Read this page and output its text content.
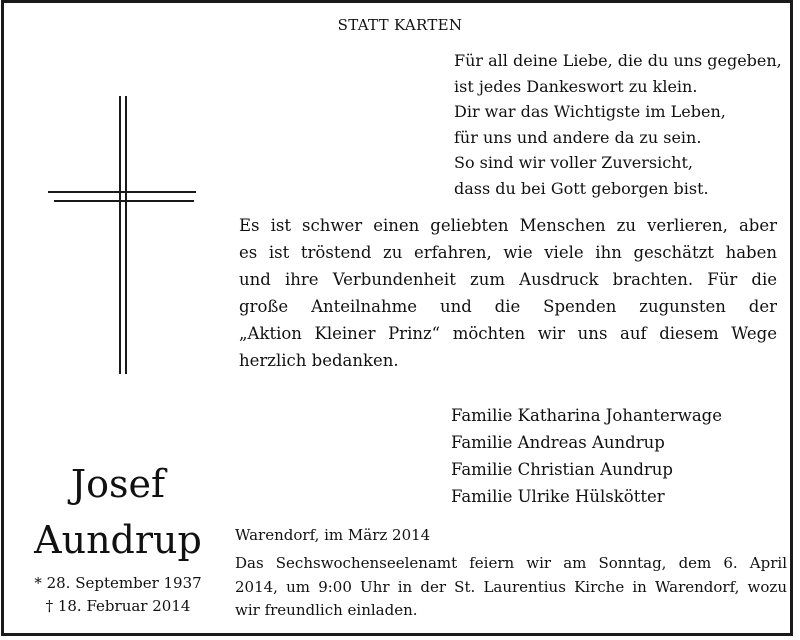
STATT KARTEN
Für all deine Liebe, die du uns gegeben,
ist jedes Dankeswort zu klein.
Dir war das Wichtigste im Leben,
für uns und andere da zu sein.
So sind wir voller Zuversicht,
dass du bei Gott geborgen bist.
Es ist schwer einen geliebten Menschen zu verlieren, aber
es ist tröstend zu erfahren, wie viele ihn geschätzt haben
und ihre Verbundenheit zum Ausdruck brachten. Für die
große Anteilnahme und die Spenden zugunsten der
„Aktion Kleiner Prinz“ möchten wir uns auf diesem Wege
herzlich bedanken.
Familie Katharina Johanterwage
Familie Andreas Aundrup
Familie Christian Aundrup
Familie Ulrike Hülskötter
Josef
Aundrup
* 28. September 1937
† 18. Februar 2014
Warendorf, im März 2014
Das Sechswochenseelenamt feiern wir am Sonntag, dem 6. April
2014, um 9:00 Uhr in der St. Laurentius Kirche in Warendorf, wozu
wir freundlich einladen.
